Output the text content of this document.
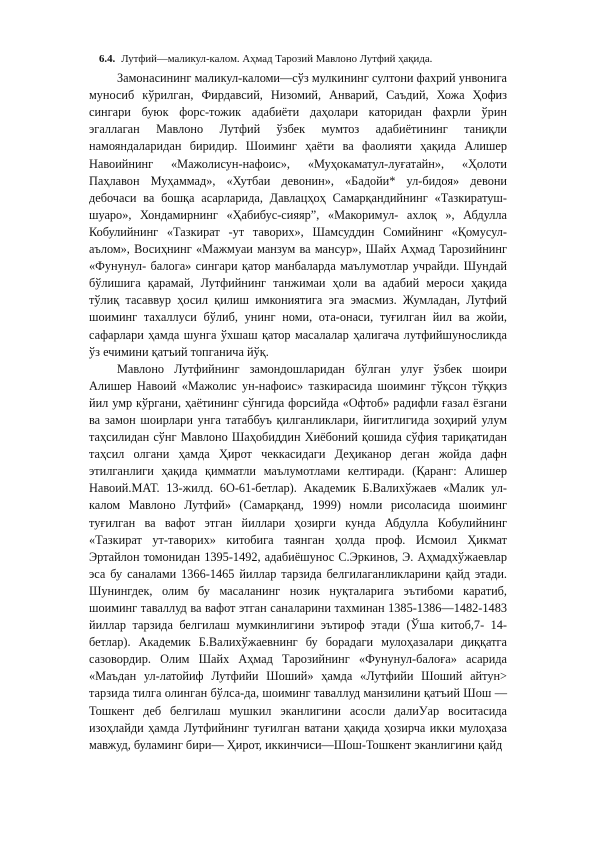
6.4. Лутфий—маликул-калом. Аҳмад Тарозий Мавлоно Лутфий ҳақида.

Замонасининг маликул-каломи—сўз мулкининг султони фахрий унвонига муносиб кўрилган, Фирдавсий, Низомий, Анварий, Саъдий, Хожа Ҳофиз сингари буюк форс-тожик адабиёти даҳолари каторидан фахрли ўрин эгаллаган Мавлоно Лутфий ўзбек мумтоз адабиётининг таниқли намояндаларидан биридир. Шоиминг ҳаёти ва фаолияти ҳақида Алишер Навоийнинг «Мажолисун-нафоис», «Муҳокаматул-луғатайн», «Ҳолоти Паҳлавон Муҳаммад», «Хутбаи девонин», «Бадойи* ул-бидоя» девони дебочаси ва бошқа асарларида, Давлацҳоҳ Самарқандийнинг «Тазкиратуш-шуаро», Хондамирнинг «Ҳабибус-сияяр”, «Макоримул- ахлоқ », Абдулла Кобулийнинг «Тазкират -ут таворих», Шамсуддин Сомийнинг «Қомусул-аълом», Восиҳнинг «Мажмуаи манзум ва мансур», Шайх Аҳмад Тарозийнинг «Фунунул- балога» сингари қатор манбаларда маълумотлар учрайди. Шундай бўлишига қарамай, Лутфийнинг танжимаи ҳоли ва адабий мероси ҳақида тўлиқ тасаввур ҳосил қилиш имкониятига эга эмасмиз. Жумладан, Лутфий шоиминг тахаллуси бўлиб, унинг номи, ота-онаси, туғилган йил ва жойи, сафарлари ҳамда шунга ўхшаш қатор масалалар ҳалигача лутфийшуносликда ўз ечимини қатъий топганича йўқ.

Мавлоно Лутфийнинг замондошларидан бўлган улуғ ўзбек шоири Алишер Навоий «Мажолис ун-нафоис» тазкирасида шоиминг тўқсон тўққиз йил умр кўргани, ҳаётининг сўнгида форсийда «Офтоб» радифли ғазал ёзгани ва замон шоирлари унга татаббуъ қилганликлари, йигитлигида зоҳирий улум таҳсилидан сўнг Мавлоно Шаҳобиддин Хиёбоний қошида сўфия тариқатидан таҳсил олгани ҳамда Ҳирот чеккасидаги Деҳиканор деган жойда дафн этилганлиги ҳақида қимматли маълумотлами келтиради. (Қаранг: Алишер Навоий.МАТ. 13-жилд. 6О-61-бетлар). Академик Б.Валихўжаев «Малик ул-калом Мавлоно Лутфий» (Самарқанд, 1999) номли рисоласида шоиминг туғилган ва вафот этган йиллари ҳозирги кунда Абдулла Кобулийнинг «Тазкират ут-таворих» китобига таянган ҳолда проф. Исмоил Ҳикмат Эртайлон томонидан 1395-1492, адабиёшунос С.Эркинов, Э. Аҳмадхўжаевлар эса бу саналами 1366-1465 йиллар тарзида белгилаганликларини қайд этади. Шунингдек, олим бу масаланинг нозик нуқталарига эътибоми каратиб, шоиминг таваллуд ва вафот этган саналарини тахминан 1385-1386—1482-1483 йиллар тарзида белгилаш мумкинлигини эътироф этади (Ўша китоб,7- 14-бетлар). Академик Б.Валихўжаевнинг бу борадаги мулоҳазалари диққатга сазовордир. Олим Шайх Аҳмад Тарозийнинг «Фунунул-балоға» асарида «Маъдан ул-латойиф Лутфийи Шоший» ҳамда «Лутфийи Шоший айтун> тарзида тилга олинган бўлса-да, шоиминг таваллуд манзилини қатъий Шош —Тошкент деб белгилаш мушкил эканлигини асосли далиУар воситасида изоҳлайди ҳамда Лутфийнинг туғилган ватани ҳақида ҳозирча икки мулоҳаза мавжуд, буламинг бири— Ҳирот, иккинчиси—Шош-Тошкент эканлигини қайд
